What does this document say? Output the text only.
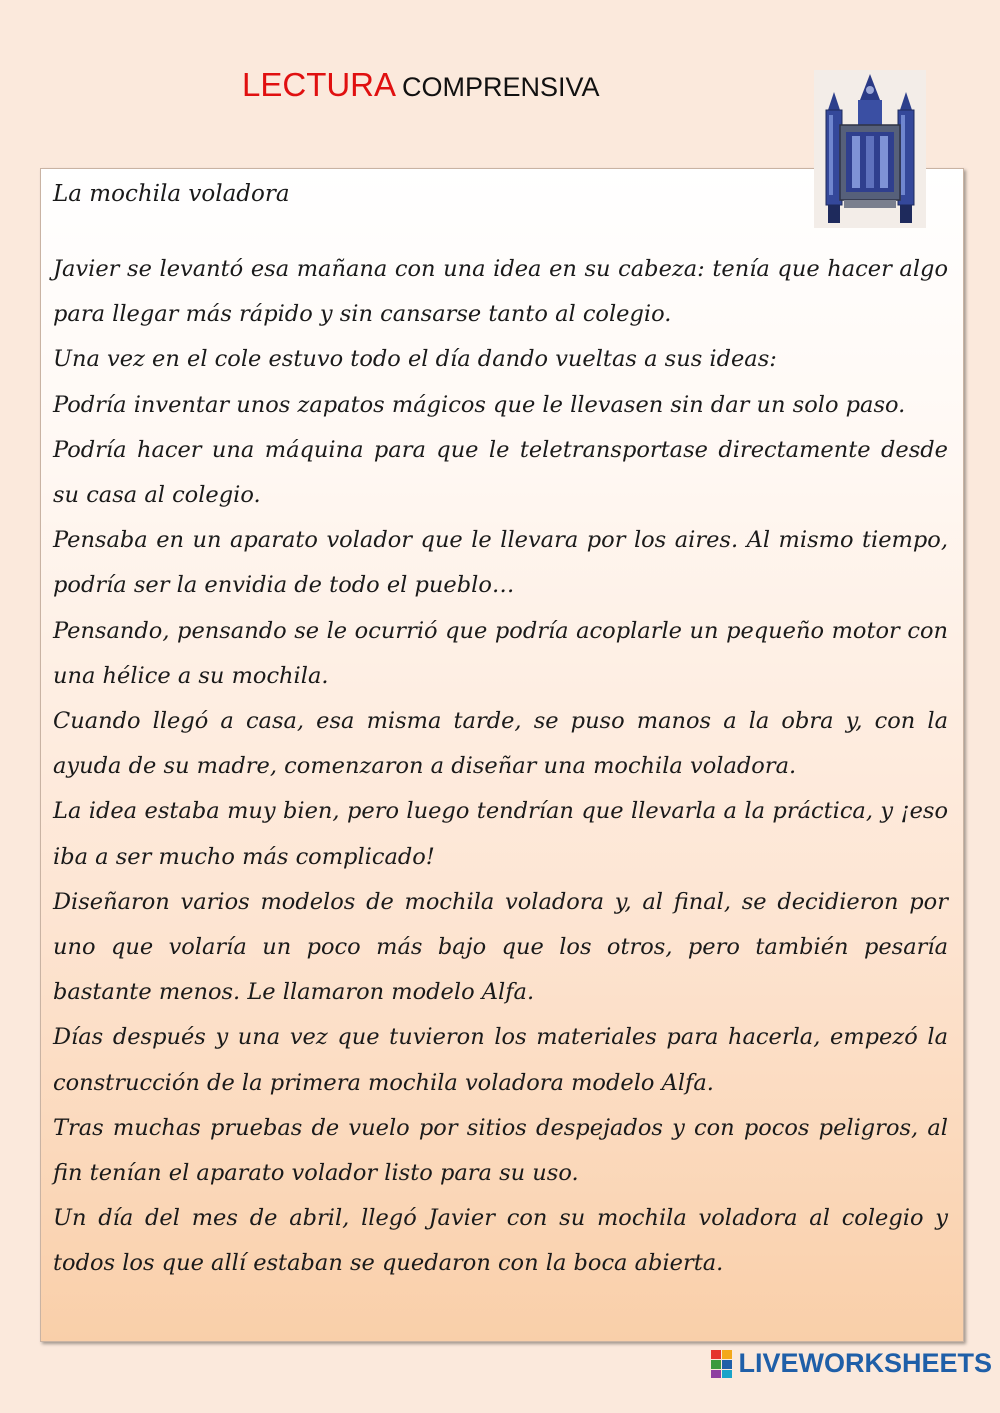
LECTURA COMPRENSIVA
La mochila voladora

Javier se levantó esa mañana con una idea en su cabeza: tenía que hacer algo para llegar más rápido y sin cansarse tanto al colegio.

Una vez en el cole estuvo todo el día dando vueltas a sus ideas:

Podría inventar unos zapatos mágicos que le llevasen sin dar un solo paso.

Podría hacer una máquina para que le teletransportase directamente desde su casa al colegio.

Pensaba en un aparato volador que le llevara por los aires. Al mismo tiempo, podría ser la envidia de todo el pueblo…

Pensando, pensando se le ocurrió que podría acoplarle un pequeño motor con una hélice a su mochila.

Cuando llegó a casa, esa misma tarde, se puso manos a la obra y, con la ayuda de su madre, comenzaron a diseñar una mochila voladora.

La idea estaba muy bien, pero luego tendrían que llevarla a la práctica, y ¡eso iba a ser mucho más complicado!

Diseñaron varios modelos de mochila voladora y, al final, se decidieron por uno que volaría un poco más bajo que los otros, pero también pesaría bastante menos. Le llamaron modelo Alfa.

Días después y una vez que tuvieron los materiales para hacerla, empezó la construcción de la primera mochila voladora modelo Alfa.

Tras muchas pruebas de vuelo por sitios despejados y con pocos peligros, al fin tenían el aparato volador listo para su uso.

Un día del mes de abril, llegó Javier con su mochila voladora al colegio y todos los que allí estaban se quedaron con la boca abierta.

LIVEWORKSHEETS
